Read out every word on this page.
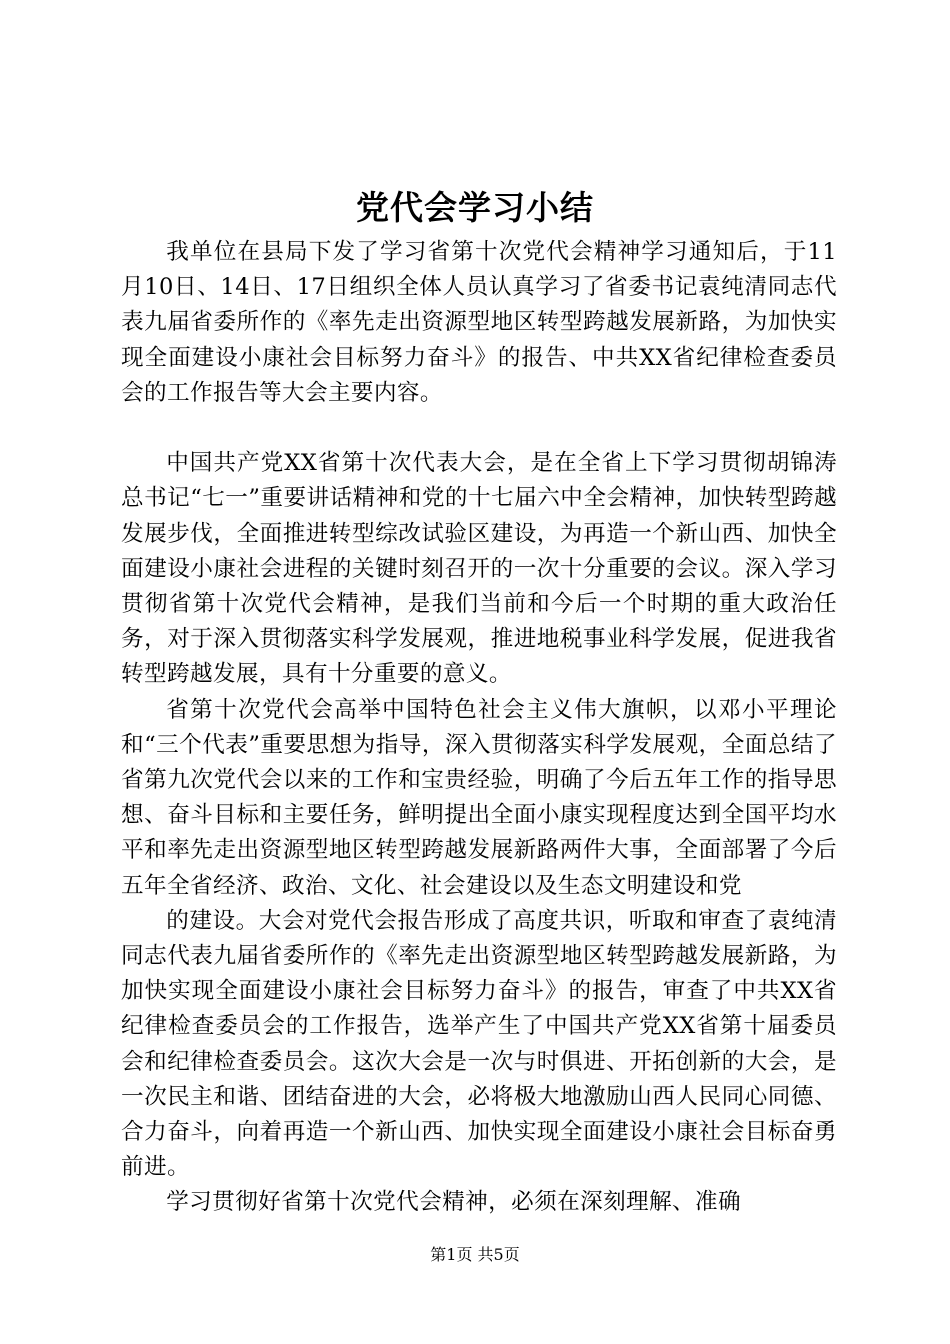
党代会学习小结

我单位在县局下发了学习省第十次党代会精神学习通知后，于11月10日、14日、17日组织全体人员认真学习了省委书记袁纯清同志代表九届省委所作的《率先走出资源型地区转型跨越发展新路，为加快实现全面建设小康社会目标努力奋斗》的报告、中共XX省纪律检查委员会的工作报告等大会主要内容。

中国共产党XX省第十次代表大会，是在全省上下学习贯彻胡锦涛总书记“七一”重要讲话精神和党的十七届六中全会精神，加快转型跨越发展步伐，全面推进转型综改试验区建设，为再造一个新山西、加快全面建设小康社会进程的关键时刻召开的一次十分重要的会议。深入学习贯彻省第十次党代会精神，是我们当前和今后一个时期的重大政治任务，对于深入贯彻落实科学发展观，推进地税事业科学发展，促进我省转型跨越发展，具有十分重要的意义。

省第十次党代会高举中国特色社会主义伟大旗帜，以邓小平理论和“三个代表”重要思想为指导，深入贯彻落实科学发展观，全面总结了省第九次党代会以来的工作和宝贵经验，明确了今后五年工作的指导思想、奋斗目标和主要任务，鲜明提出全面小康实现程度达到全国平均水平和率先走出资源型地区转型跨越发展新路两件大事，全面部署了今后五年全省经济、政治、文化、社会建设以及生态文明建设和党

的建设。大会对党代会报告形成了高度共识，听取和审查了袁纯清同志代表九届省委所作的《率先走出资源型地区转型跨越发展新路，为加快实现全面建设小康社会目标努力奋斗》的报告，审查了中共XX省纪律检查委员会的工作报告，选举产生了中国共产党XX省第十届委员会和纪律检查委员会。这次大会是一次与时俱进、开拓创新的大会，是一次民主和谐、团结奋进的大会，必将极大地激励山西人民同心同德、合力奋斗，向着再造一个新山西、加快实现全面建设小康社会目标奋勇前进。

学习贯彻好省第十次党代会精神，必须在深刻理解、准确

第1页 共5页
